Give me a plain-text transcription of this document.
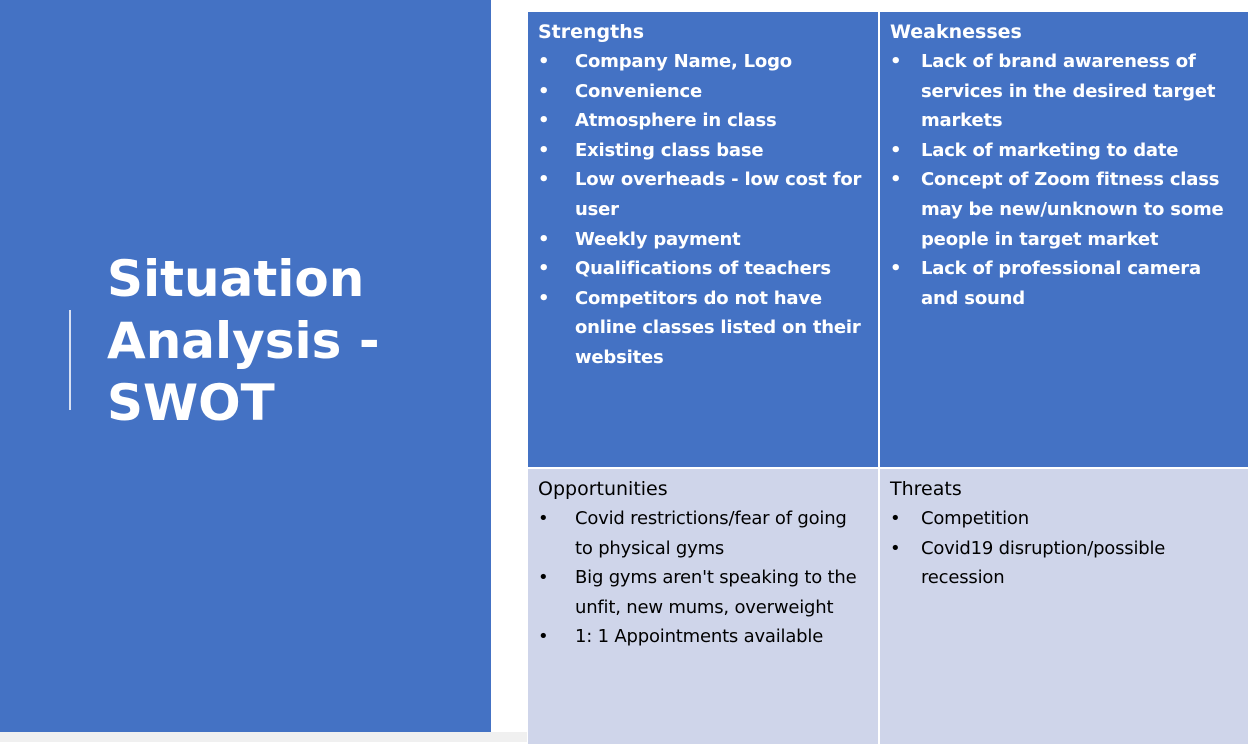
Situation Analysis - SWOT
Strengths
• Company Name, Logo
• Convenience
• Atmosphere in class
• Existing class base
• Low overheads - low cost for user
• Weekly payment
• Qualifications of teachers
• Competitors do not have online classes listed on their websites
Weaknesses
• Lack of brand awareness of services in the desired target markets
• Lack of marketing to date
• Concept of Zoom fitness class may be new/unknown to some people in target market
• Lack of professional camera and sound
Opportunities
• Covid restrictions/fear of going to physical gyms
• Big gyms aren't speaking to the unfit, new mums, overweight
• 1: 1 Appointments available
Threats
• Competition
• Covid19 disruption/possible recession
